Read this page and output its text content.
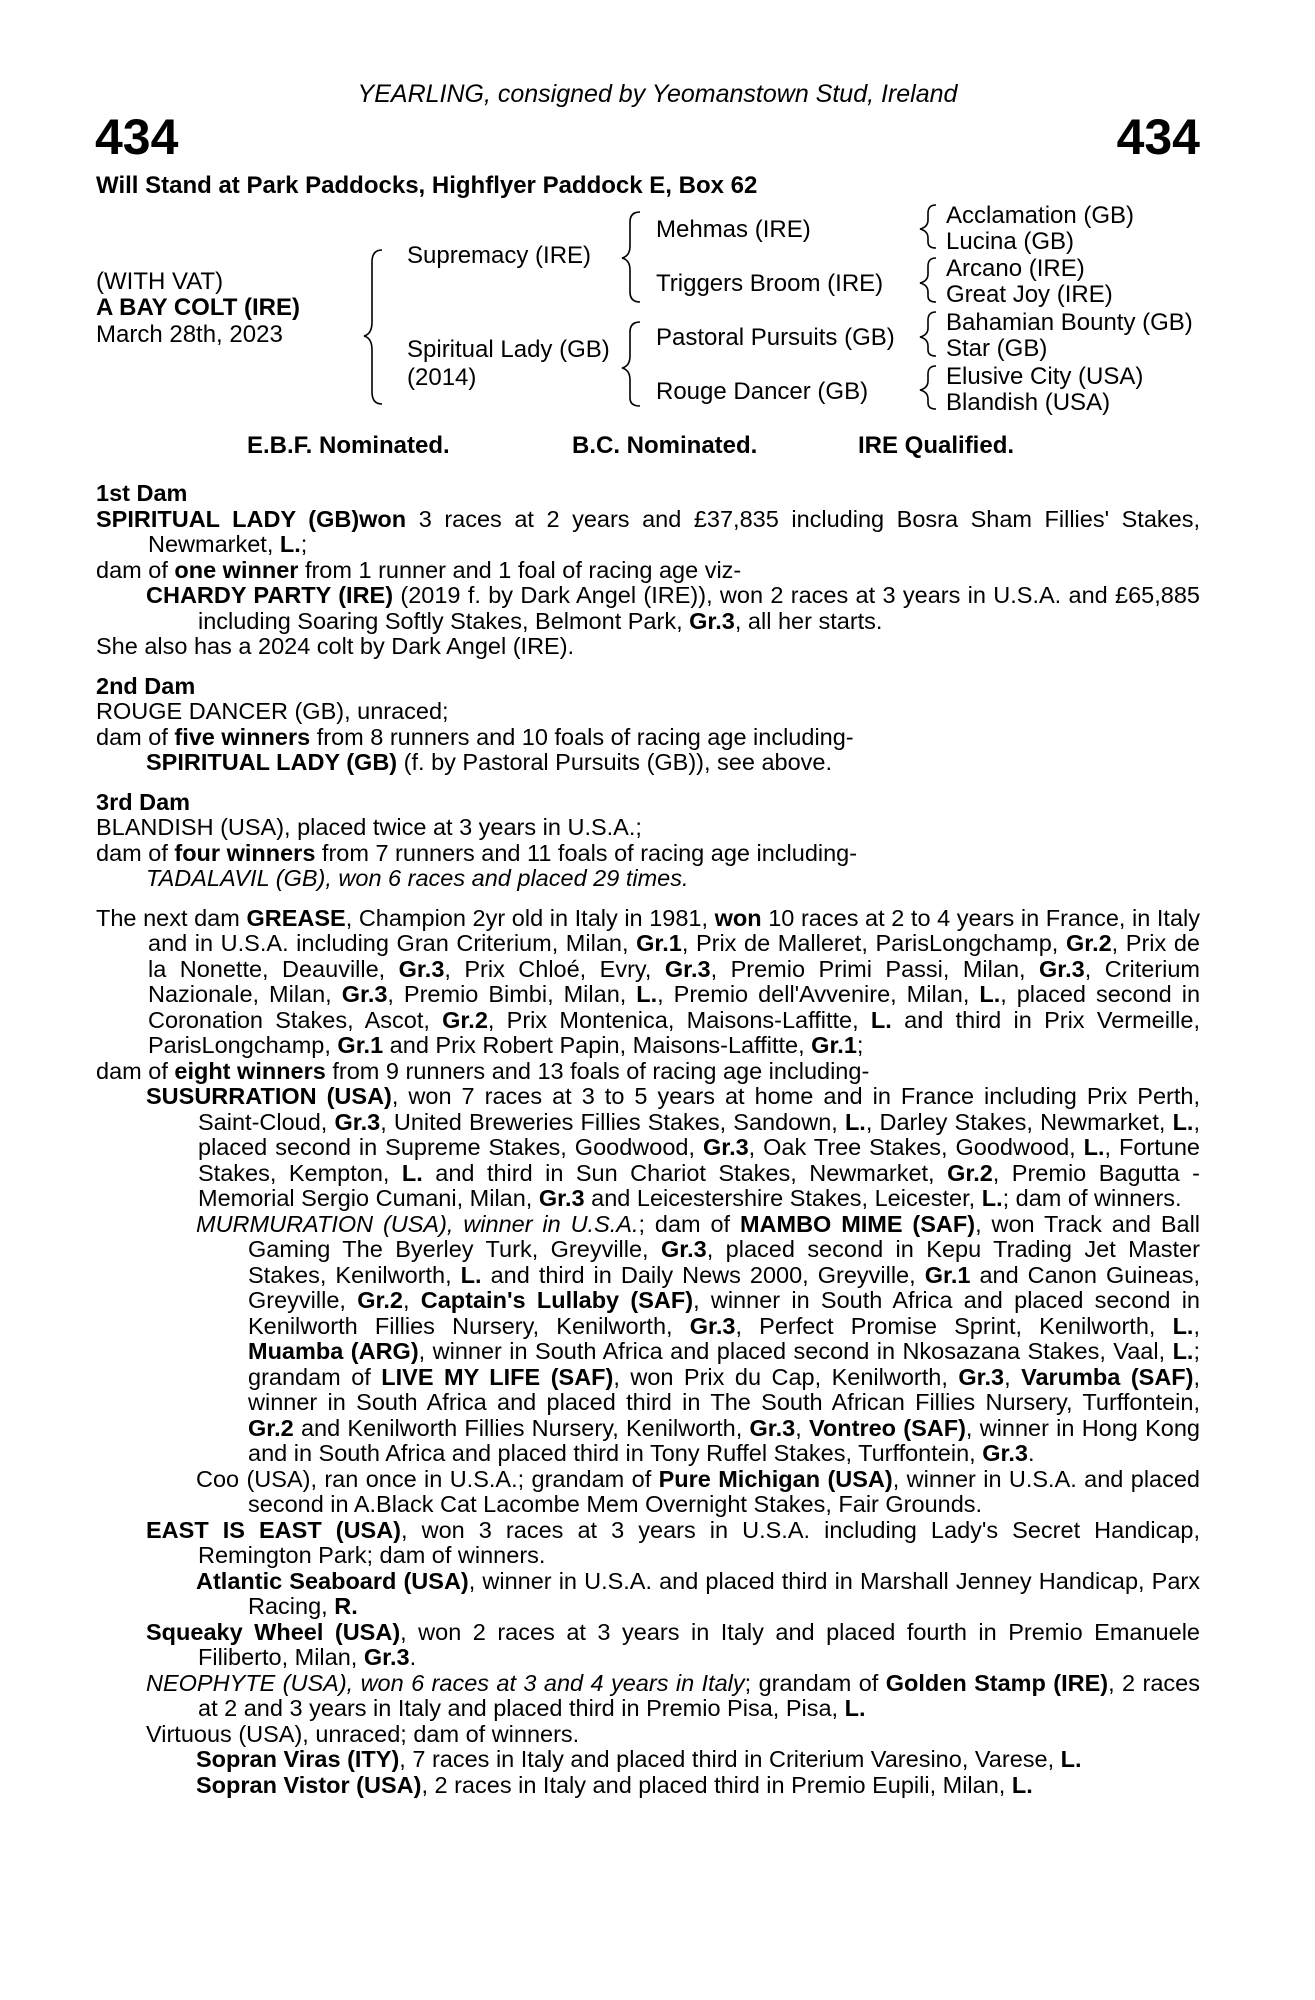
YEARLING, consigned by Yeomanstown Stud, Ireland
434	434
Will Stand at Park Paddocks, Highflyer Paddock E, Box 62
(WITH VAT)
A BAY COLT (IRE)
March 28th, 2023
Supremacy (IRE)
Spiritual Lady (GB)
(2014)
Mehmas (IRE)
Triggers Broom (IRE)
Pastoral Pursuits (GB)
Rouge Dancer (GB)
Acclamation (GB)
Lucina (GB)
Arcano (IRE)
Great Joy (IRE)
Bahamian Bounty (GB)
Star (GB)
Elusive City (USA)
Blandish (USA)
E.B.F. Nominated.	B.C. Nominated.	IRE Qualified.
1st Dam
SPIRITUAL LADY (GB)won 3 races at 2 years and £37,835 including Bosra Sham Fillies' Stakes, Newmarket, L.;
dam of one winner from 1 runner and 1 foal of racing age viz-
CHARDY PARTY (IRE) (2019 f. by Dark Angel (IRE)), won 2 races at 3 years in U.S.A. and £65,885 including Soaring Softly Stakes, Belmont Park, Gr.3, all her starts.
She also has a 2024 colt by Dark Angel (IRE).
2nd Dam
ROUGE DANCER (GB), unraced;
dam of five winners from 8 runners and 10 foals of racing age including-
SPIRITUAL LADY (GB) (f. by Pastoral Pursuits (GB)), see above.
3rd Dam
BLANDISH (USA), placed twice at 3 years in U.S.A.;
dam of four winners from 7 runners and 11 foals of racing age including-
TADALAVIL (GB), won 6 races and placed 29 times.
The next dam GREASE, Champion 2yr old in Italy in 1981, won 10 races at 2 to 4 years in France, in Italy and in U.S.A. including Gran Criterium, Milan, Gr.1, Prix de Malleret, ParisLongchamp, Gr.2, Prix de la Nonette, Deauville, Gr.3, Prix Chloé, Evry, Gr.3, Premio Primi Passi, Milan, Gr.3, Criterium Nazionale, Milan, Gr.3, Premio Bimbi, Milan, L., Premio dell'Avvenire, Milan, L., placed second in Coronation Stakes, Ascot, Gr.2, Prix Montenica, Maisons-Laffitte, L. and third in Prix Vermeille, ParisLongchamp, Gr.1 and Prix Robert Papin, Maisons-Laffitte, Gr.1;
dam of eight winners from 9 runners and 13 foals of racing age including-
SUSURRATION (USA), won 7 races at 3 to 5 years at home and in France including Prix Perth, Saint-Cloud, Gr.3, United Breweries Fillies Stakes, Sandown, L., Darley Stakes, Newmarket, L., placed second in Supreme Stakes, Goodwood, Gr.3, Oak Tree Stakes, Goodwood, L., Fortune Stakes, Kempton, L. and third in Sun Chariot Stakes, Newmarket, Gr.2, Premio Bagutta - Memorial Sergio Cumani, Milan, Gr.3 and Leicestershire Stakes, Leicester, L.; dam of winners.
MURMURATION (USA), winner in U.S.A.; dam of MAMBO MIME (SAF), won Track and Ball Gaming The Byerley Turk, Greyville, Gr.3, placed second in Kepu Trading Jet Master Stakes, Kenilworth, L. and third in Daily News 2000, Greyville, Gr.1 and Canon Guineas, Greyville, Gr.2, Captain's Lullaby (SAF), winner in South Africa and placed second in Kenilworth Fillies Nursery, Kenilworth, Gr.3, Perfect Promise Sprint, Kenilworth, L., Muamba (ARG), winner in South Africa and placed second in Nkosazana Stakes, Vaal, L.; grandam of LIVE MY LIFE (SAF), won Prix du Cap, Kenilworth, Gr.3, Varumba (SAF), winner in South Africa and placed third in The South African Fillies Nursery, Turffontein, Gr.2 and Kenilworth Fillies Nursery, Kenilworth, Gr.3, Vontreo (SAF), winner in Hong Kong and in South Africa and placed third in Tony Ruffel Stakes, Turffontein, Gr.3.
Coo (USA), ran once in U.S.A.; grandam of Pure Michigan (USA), winner in U.S.A. and placed second in A.Black Cat Lacombe Mem Overnight Stakes, Fair Grounds.
EAST IS EAST (USA), won 3 races at 3 years in U.S.A. including Lady's Secret Handicap, Remington Park; dam of winners.
Atlantic Seaboard (USA), winner in U.S.A. and placed third in Marshall Jenney Handicap, Parx Racing, R.
Squeaky Wheel (USA), won 2 races at 3 years in Italy and placed fourth in Premio Emanuele Filiberto, Milan, Gr.3.
NEOPHYTE (USA), won 6 races at 3 and 4 years in Italy; grandam of Golden Stamp (IRE), 2 races at 2 and 3 years in Italy and placed third in Premio Pisa, Pisa, L.
Virtuous (USA), unraced; dam of winners.
Sopran Viras (ITY), 7 races in Italy and placed third in Criterium Varesino, Varese, L.
Sopran Vistor (USA), 2 races in Italy and placed third in Premio Eupili, Milan, L.
